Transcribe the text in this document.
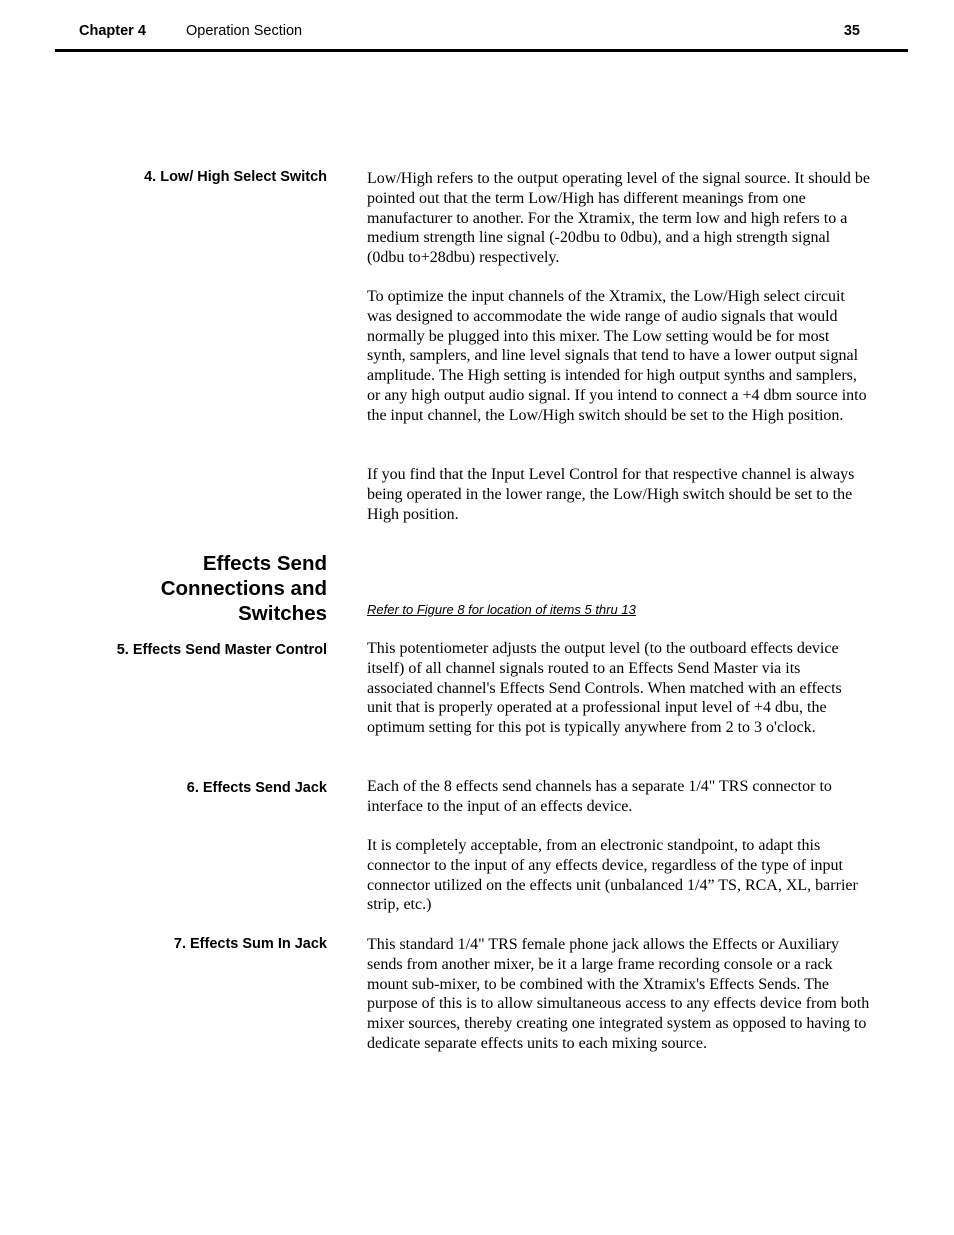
Chapter 4	Operation Section	35
4. Low/ High Select Switch	Low/High refers to the output operating level of the signal source. It should be pointed out that the term Low/High has different meanings from one manufacturer to another. For the Xtramix, the term low and high refers to a medium strength line signal (-20dbu to 0dbu), and a high strength signal (0dbu to+28dbu) respectively.

To optimize the input channels of the Xtramix, the Low/High select circuit was designed to accommodate the wide range of audio signals that would normally be plugged into this mixer. The Low setting would be for most synth, samplers, and line level signals that tend to have a lower output signal amplitude. The High setting is intended for high output synths and samplers, or any high output audio signal. If you intend to connect a +4 dbm source into the input channel, the Low/High switch should be set to the High position.

If you find that the Input Level Control for that respective channel is always being operated in the lower range, the Low/High switch should be set to the High position.

Effects Send
Connections and
Switches	Refer to Figure 8 for location of items 5 thru 13

5. Effects Send Master Control	This potentiometer adjusts the output level (to the outboard effects device itself) of all channel signals routed to an Effects Send Master via its associated channel's Effects Send Controls. When matched with an effects unit that is properly operated at a professional input level of +4 dbu, the optimum setting for this pot is typically anywhere from 2 to 3 o'clock.

6. Effects Send Jack	Each of the 8 effects send channels has a separate 1/4" TRS connector to interface to the input of an effects device.

It is completely acceptable, from an electronic standpoint, to adapt this connector to the input of any effects device, regardless of the type of input connector utilized on the effects unit (unbalanced 1/4” TS, RCA, XL, barrier strip, etc.)

7. Effects Sum In Jack	This standard 1/4" TRS female phone jack allows the Effects or Auxiliary sends from another mixer, be it a large frame recording console or a rack mount sub-mixer, to be combined with the Xtramix's Effects Sends. The purpose of this is to allow simultaneous access to any effects device from both mixer sources, thereby creating one integrated system as opposed to having to dedicate separate effects units to each mixing source.
